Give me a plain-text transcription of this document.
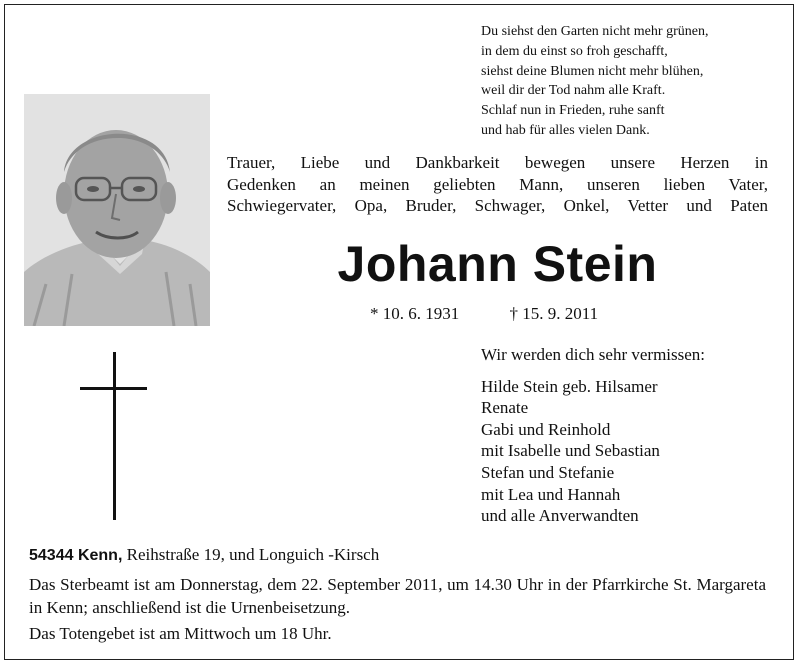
Du siehst den Garten nicht mehr grünen,
in dem du einst so froh geschafft,
siehst deine Blumen nicht mehr blühen,
weil dir der Tod nahm alle Kraft.
Schlaf nun in Frieden, ruhe sanft
und hab für alles vielen Dank.
Trauer, Liebe und Dankbarkeit bewegen unsere Herzen in
Gedenken an meinen geliebten Mann, unseren lieben Vater,
Schwiegervater, Opa, Bruder, Schwager, Onkel, Vetter und Paten
Johann Stein
* 10. 6. 1931	† 15. 9. 2011
Wir werden dich sehr vermissen:
Hilde Stein geb. Hilsamer
Renate
Gabi und Reinhold
mit Isabelle und Sebastian
Stefan und Stefanie
mit Lea und Hannah
und alle Anverwandten
54344 Kenn, Reihstraße 19, und Longuich -Kirsch
Das Sterbeamt ist am Donnerstag, dem 22. September 2011, um 14.30 Uhr in der Pfarrkirche St. Margareta in Kenn; anschließend ist die Urnenbeisetzung.
Das Totengebet ist am Mittwoch um 18 Uhr.
